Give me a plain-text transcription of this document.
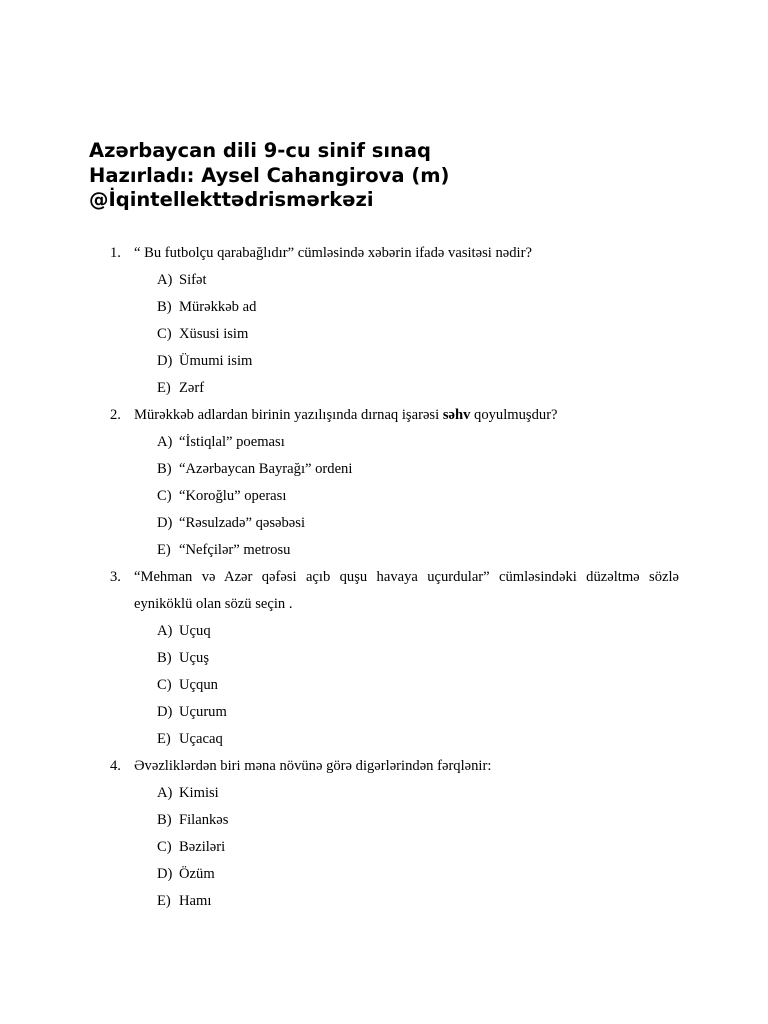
Azərbaycan dili 9-cu sinif sınaq
Hazırladı: Aysel Cahangirova (m)
@İqintellekttədrismərkəzi
1. “ Bu futbolçu qarabağlıdır” cümləsində xəbərin ifadə vasitəsi nədir?
A) Sifət
B) Mürəkkəb ad
C) Xüsusi isim
D) Ümumi isim
E) Zərf
2. Mürəkkəb adlardan birinin yazılışında dırnaq işarəsi səhv qoyulmuşdur?
A) “İstiqlal” poeması
B) “Azərbaycan Bayrağı” ordeni
C) “Koroğlu” operası
D) “Rəsulzadə” qəsəbəsi
E) “Nefçilər” metrosu
3. “Mehman və Azər qəfəsi açıb quşu havaya uçurdular” cümləsindəki düzəltmə sözlə
eyniköklü olan sözü seçin .
A) Uçuq
B) Uçuş
C) Uçqun
D) Uçurum
E) Uçacaq
4. Əvəzliklərdən biri məna növünə görə digərlərindən fərqlənir:
A) Kimisi
B) Filankəs
C) Bəziləri
D) Özüm
E) Hamı
